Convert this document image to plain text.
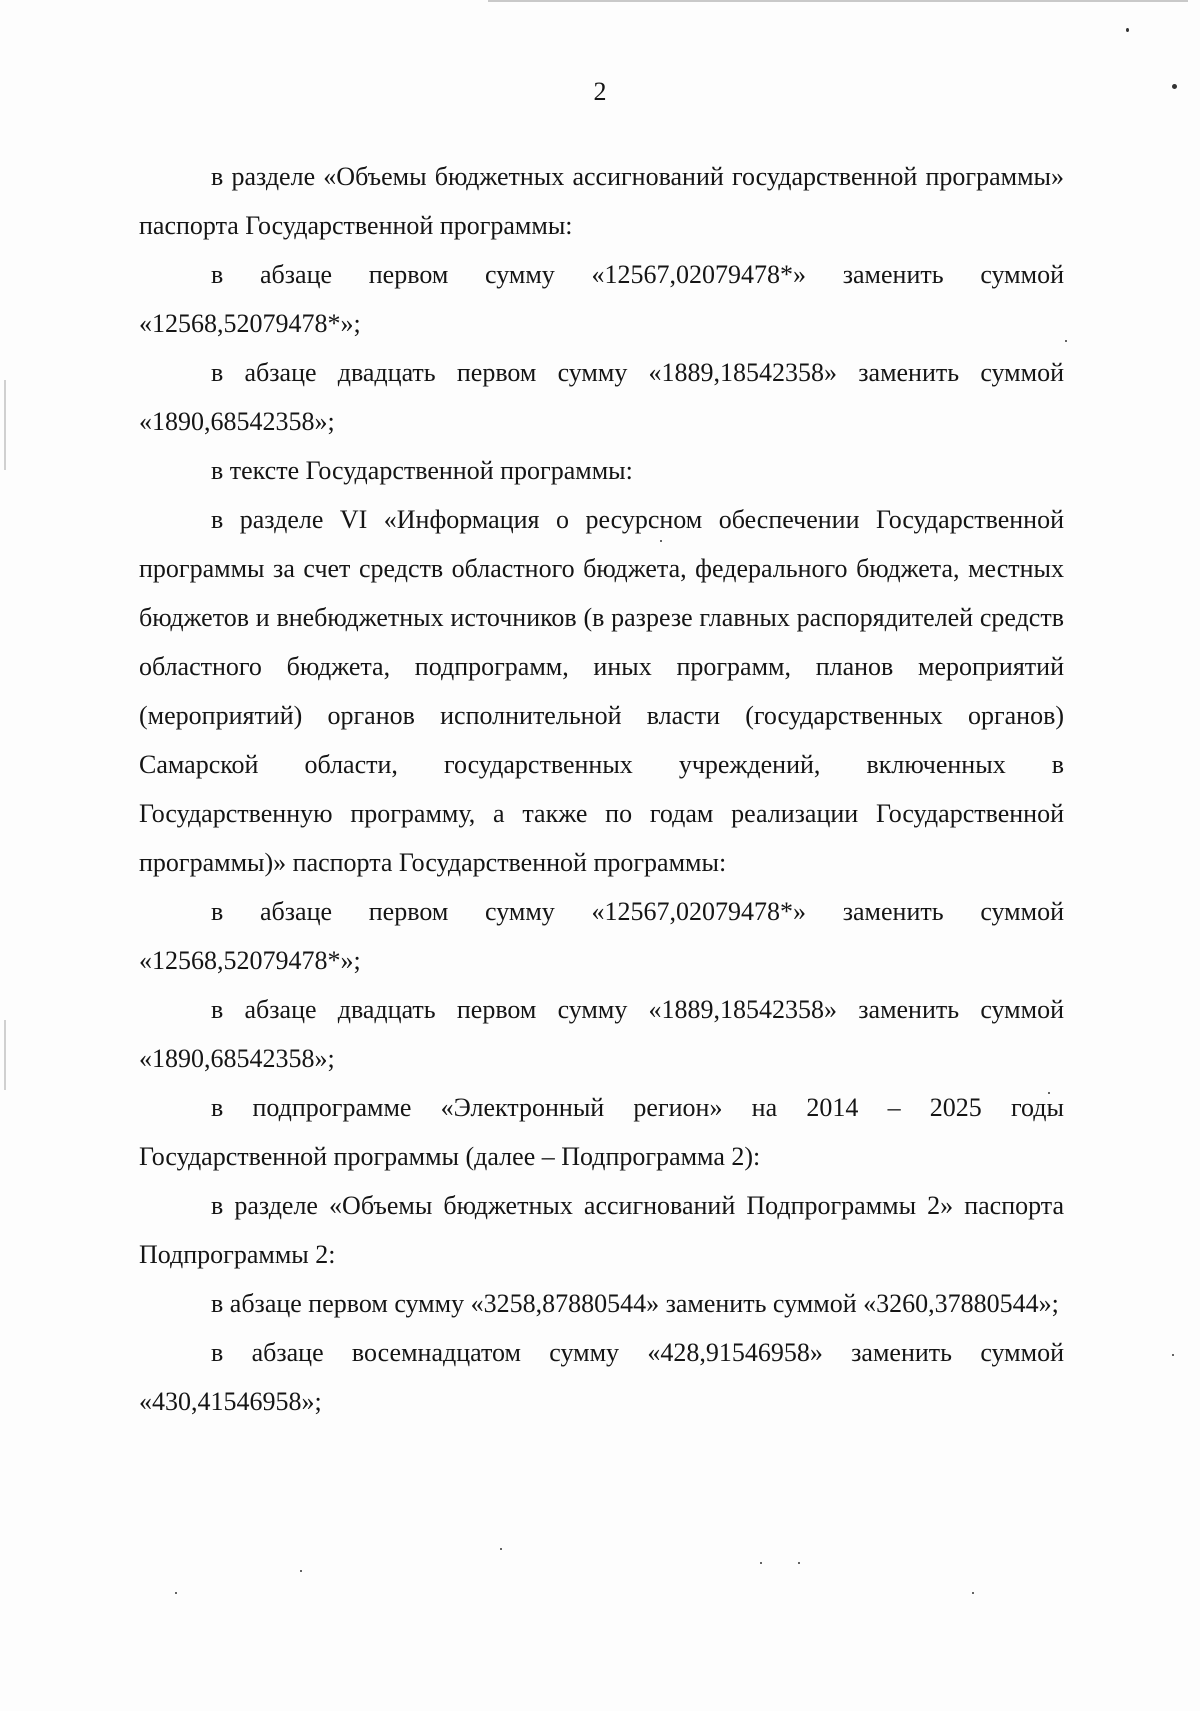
2

в разделе «Объемы бюджетных ассигнований государственной программы» паспорта Государственной программы:

в абзаце первом сумму «12567,02079478*» заменить суммой «12568,52079478*»;

в абзаце двадцать первом сумму «1889,18542358» заменить суммой «1890,68542358»;

в тексте Государственной программы:

в разделе VI «Информация о ресурсном обеспечении Государственной программы за счет средств областного бюджета, федерального бюджета, местных бюджетов и внебюджетных источников (в разрезе главных распорядителей средств областного бюджета, подпрограмм, иных программ, планов мероприятий (мероприятий) органов исполнительной власти (государственных органов) Самарской области, государственных учреждений, включенных в Государственную программу, а также по годам реализации Государственной программы)» паспорта Государственной программы:

в абзаце первом сумму «12567,02079478*» заменить суммой «12568,52079478*»;

в абзаце двадцать первом сумму «1889,18542358» заменить суммой «1890,68542358»;

в подпрограмме «Электронный регион» на 2014 – 2025 годы Государственной программы (далее – Подпрограмма 2):

в разделе «Объемы бюджетных ассигнований Подпрограммы 2» паспорта Подпрограммы 2:

в абзаце первом сумму «3258,87880544» заменить суммой «3260,37880544»;

в абзаце восемнадцатом сумму «428,91546958» заменить суммой «430,41546958»;
